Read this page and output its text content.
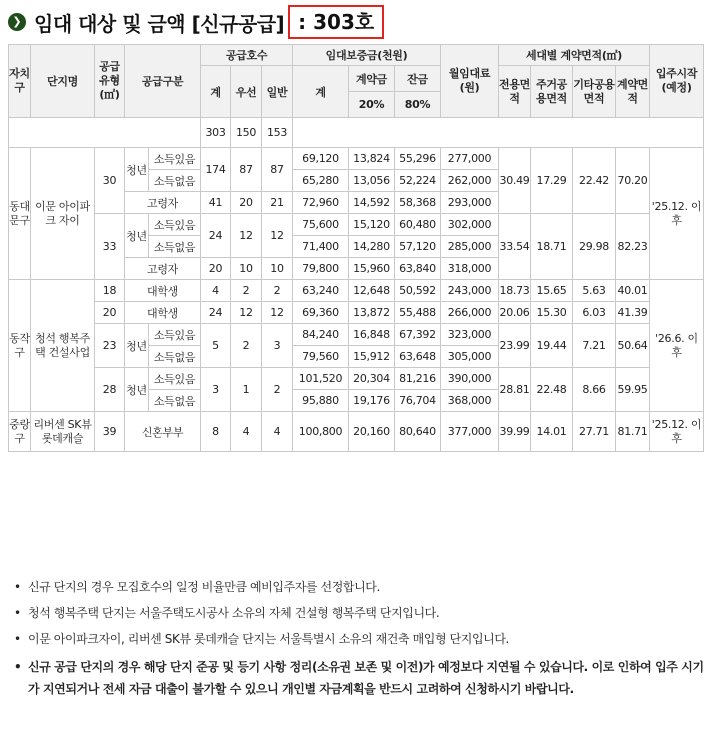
❯ 임대 대상 및 금액 [신규공급] : 303호
자치구	단지명	공급유형(㎡)	공급구분		공급호수			임대보증금(천원)			월임대료(원)	세대별 계약면적(㎡)				입주시작(예정)
					계	우선	일반	계	계약금	잔금		전용면적	주거공용면적	기타공용면적	계약면적	
									20%	80%						
					303	150	153									
동대문구	이문 아이파크 자이	30	청년	소득있음	174	87	87	69,120	13,824	55,296	277,000	30.49	17.29	22.42	70.20	'25.12. 이후
				소득없음				65,280	13,056	52,224	262,000					
			고령자		41	20	21	72,960	14,592	58,368	293,000					
		33	청년	소득있음	24	12	12	75,600	15,120	60,480	302,000	33.54	18.71	29.98	82.23	
				소득없음				71,400	14,280	57,120	285,000					
			고령자		20	10	10	79,800	15,960	63,840	318,000					
동작구	청석 행복주택 건설사업	18	대학생		4	2	2	63,240	12,648	50,592	243,000	18.73	15.65	5.63	40.01	'26.6. 이후
		20	대학생		24	12	12	69,360	13,872	55,488	266,000	20.06	15.30	6.03	41.39	
		23	청년	소득있음	5	2	3	84,240	16,848	67,392	323,000	23.99	19.44	7.21	50.64	
				소득없음				79,560	15,912	63,648	305,000					
		28	청년	소득있음	3	1	2	101,520	20,304	81,216	390,000	28.81	22.48	8.66	59.95	
				소득없음				95,880	19,176	76,704	368,000					
중랑구	리버센 SK뷰 롯데캐슬	39	신혼부부		8	4	4	100,800	20,160	80,640	377,000	39.99	14.01	27.71	81.71	'25.12. 이후
• 신규 단지의 경우 모집호수의 일정 비율만큼 예비입주자를 선정합니다.
• 청석 행복주택 단지는 서울주택도시공사 소유의 자체 건설형 행복주택 단지입니다.
• 이문 아이파크자이, 리버센 SK뷰 롯데캐슬 단지는 서울특별시 소유의 재건축 매입형 단지입니다.
• 신규 공급 단지의 경우 해당 단지 준공 및 등기 사항 정리(소유권 보존 및 이전)가 예정보다 지연될 수 있습니다. 이로 인하여 입주 시기가 지연되거나 전세 자금 대출이 불가할 수 있으니 개인별 자금계획을 반드시 고려하여 신청하시기 바랍니다.
